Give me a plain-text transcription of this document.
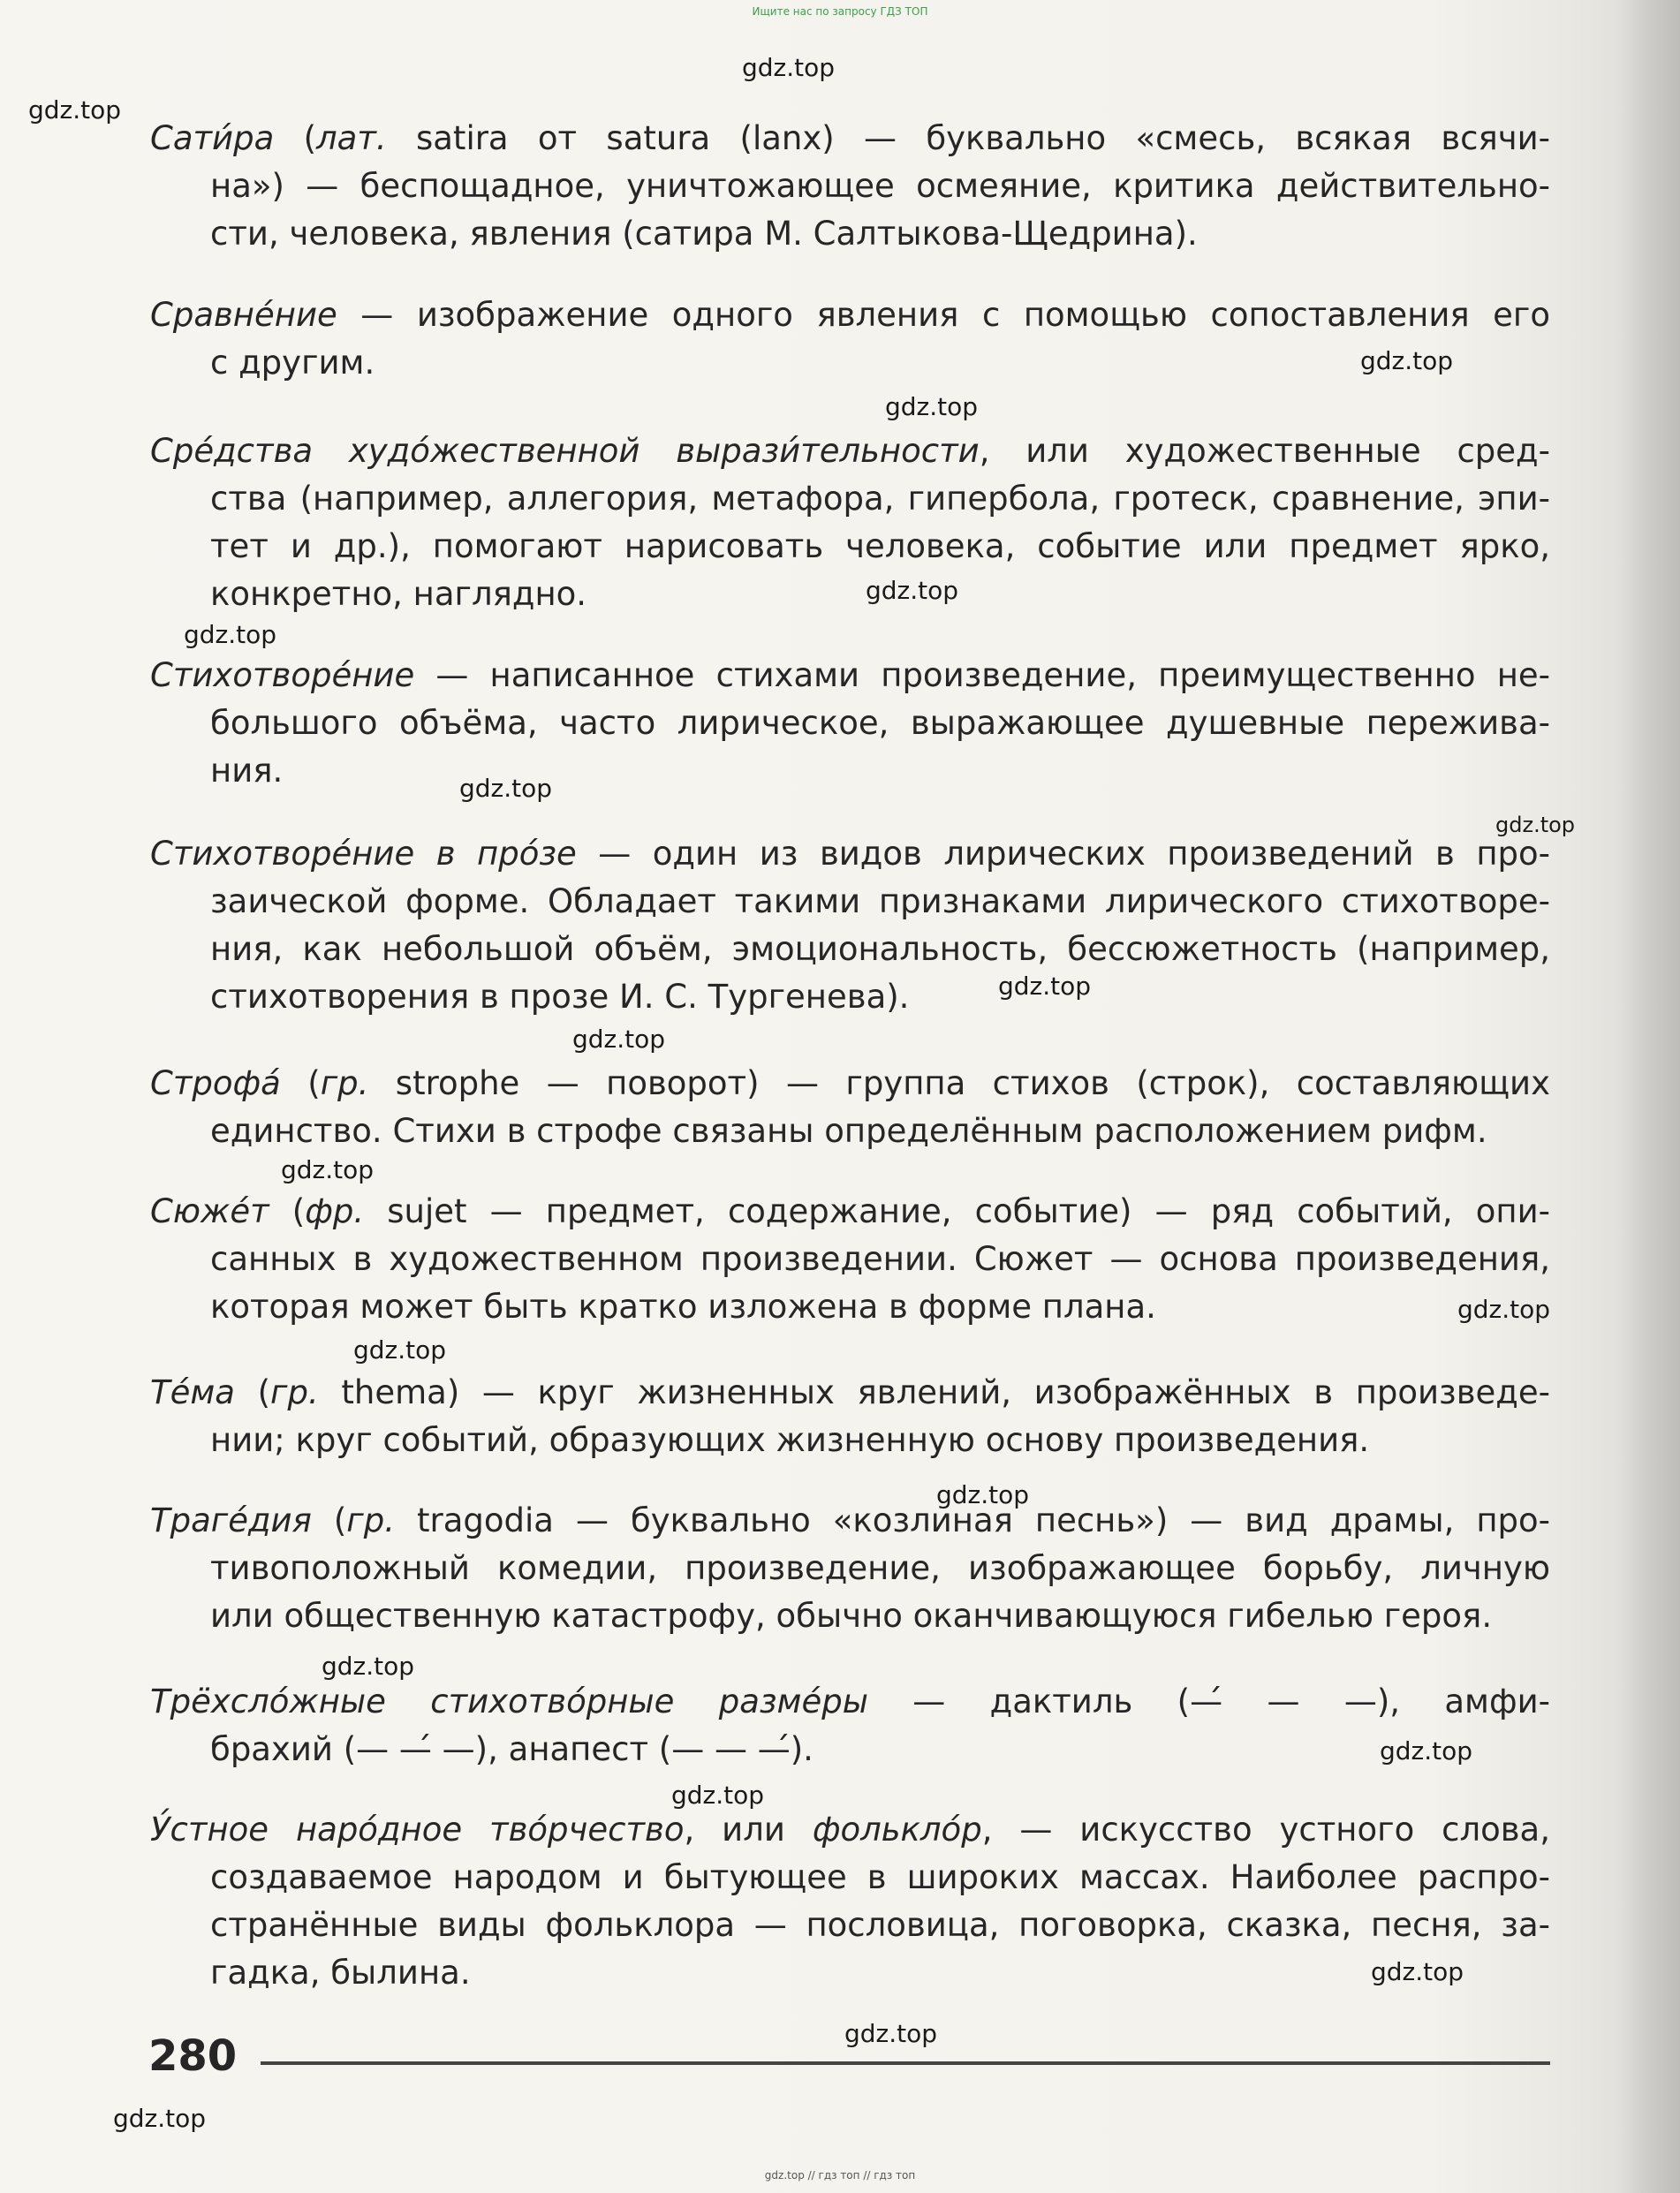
Ищите нас по запросу ГДЗ ТОП
gdz.top
gdz.top
gdz.top
gdz.top
gdz.top
gdz.top
gdz.top
gdz.top
gdz.top
gdz.top
gdz.top
gdz.top
gdz.top
gdz.top
gdz.top
gdz.top
gdz.top
gdz.top
gdz.top
gdz.top
Сати́ра (лат. satira от satura (lanx) — буквально «смесь, всякая всячи-
на») — беспощадное, уничтожающее осмеяние, критика действительно-
сти, человека, явления (сатира М. Салтыкова-Щедрина).
Сравне́ние — изображение одного явления с помощью сопоставления его
с другим.
Сре́дства худо́жественной вырази́тельности, или художественные сред-
ства (например, аллегория, метафора, гипербола, гротеск, сравнение, эпи-
тет и др.), помогают нарисовать человека, событие или предмет ярко,
конкретно, наглядно.
Стихотворе́ние — написанное стихами произведение, преимущественно не-
большого объёма, часто лирическое, выражающее душевные пережива-
ния.
Стихотворе́ние в про́зе — один из видов лирических произведений в про-
заической форме. Обладает такими признаками лирического стихотворе-
ния, как небольшой объём, эмоциональность, бессюжетность (например,
стихотворения в прозе И. С. Тургенева).
Строфа́ (гр. strophe — поворот) — группа стихов (строк), составляющих
единство. Стихи в строфе связаны определённым расположением рифм.
Сюже́т (фр. sujet — предмет, содержание, событие) — ряд событий, опи-
санных в художественном произведении. Сюжет — основа произведения,
которая может быть кратко изложена в форме плана.
Те́ма (гр. thema) — круг жизненных явлений, изображённых в произведе-
нии; круг событий, образующих жизненную основу произведения.
Траге́дия (гр. tragodia — буквально «козлиная песнь») — вид драмы, про-
тивоположный комедии, произведение, изображающее борьбу, личную
или общественную катастрофу, обычно оканчивающуюся гибелью героя.
Трёхсло́жные стихотво́рные разме́ры — дактиль (—́ — —), амфи-
брахий (— —́ —), анапест (— — —́).
У́стное наро́дное тво́рчество, или фолькло́р, — искусство устного слова,
создаваемое народом и бытующее в широких массах. Наиболее распро-
странённые виды фольклора — пословица, поговорка, сказка, песня, за-
гадка, былина.
280
gdz.top // гдз топ // гдз топ
